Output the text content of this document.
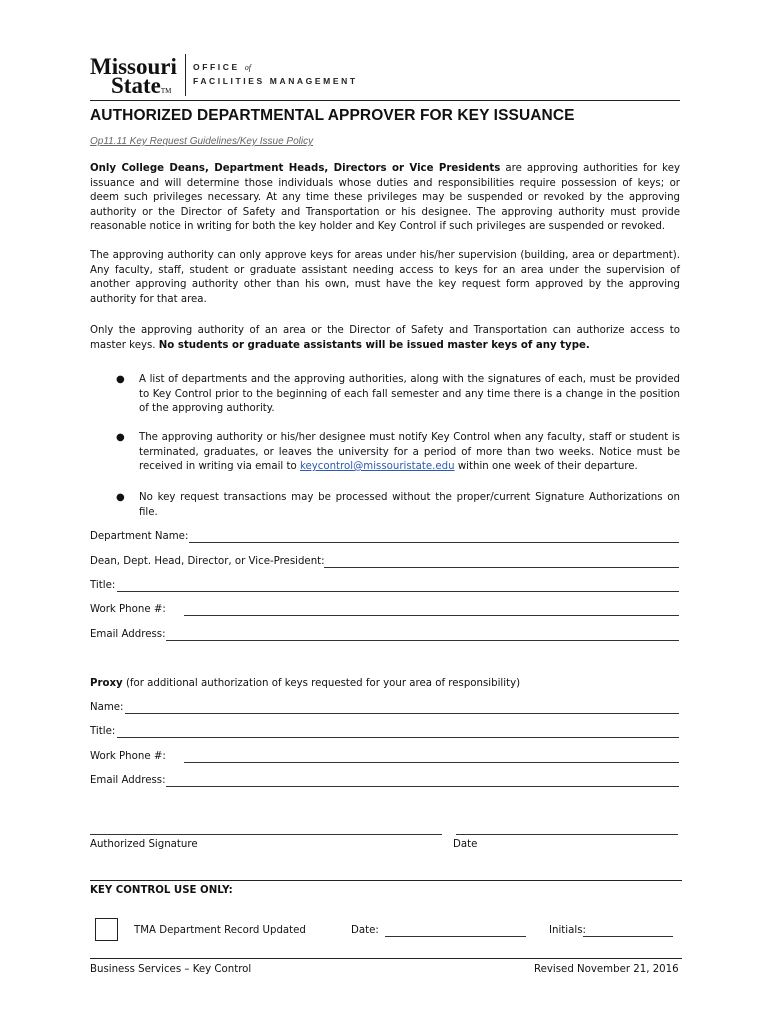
Missouri
StateTM
OFFICE of
FACILITIES MANAGEMENT
AUTHORIZED DEPARTMENTAL APPROVER FOR KEY ISSUANCE
Op11.11 Key Request Guidelines/Key Issue Policy
Only College Deans, Department Heads, Directors or Vice Presidents are approving authorities for key issuance and will determine those individuals whose duties and responsibilities require possession of keys; or deem such privileges necessary. At any time these privileges may be suspended or revoked by the approving authority or the Director of Safety and Transportation or his designee. The approving authority must provide reasonable notice in writing for both the key holder and Key Control if such privileges are suspended or revoked.
The approving authority can only approve keys for areas under his/her supervision (building, area or department). Any faculty, staff, student or graduate assistant needing access to keys for an area under the supervision of another approving authority other than his own, must have the key request form approved by the approving authority for that area.
Only the approving authority of an area or the Director of Safety and Transportation can authorize access to master keys. No students or graduate assistants will be issued master keys of any type.
● A list of departments and the approving authorities, along with the signatures of each, must be provided to Key Control prior to the beginning of each fall semester and any time there is a change in the position of the approving authority.
● The approving authority or his/her designee must notify Key Control when any faculty, staff or student is terminated, graduates, or leaves the university for a period of more than two weeks. Notice must be received in writing via email to keycontrol@missouristate.edu within one week of their departure.
● No key request transactions may be processed without the proper/current Signature Authorizations on file.
Department Name:
Dean, Dept. Head, Director, or Vice-President:
Title:
Work Phone #:
Email Address:
Proxy (for additional authorization of keys requested for your area of responsibility)
Name:
Title:
Work Phone #:
Email Address:
Authorized Signature	Date
KEY CONTROL USE ONLY:
TMA Department Record Updated	Date:	Initials:
Business Services – Key Control	Revised November 21, 2016
